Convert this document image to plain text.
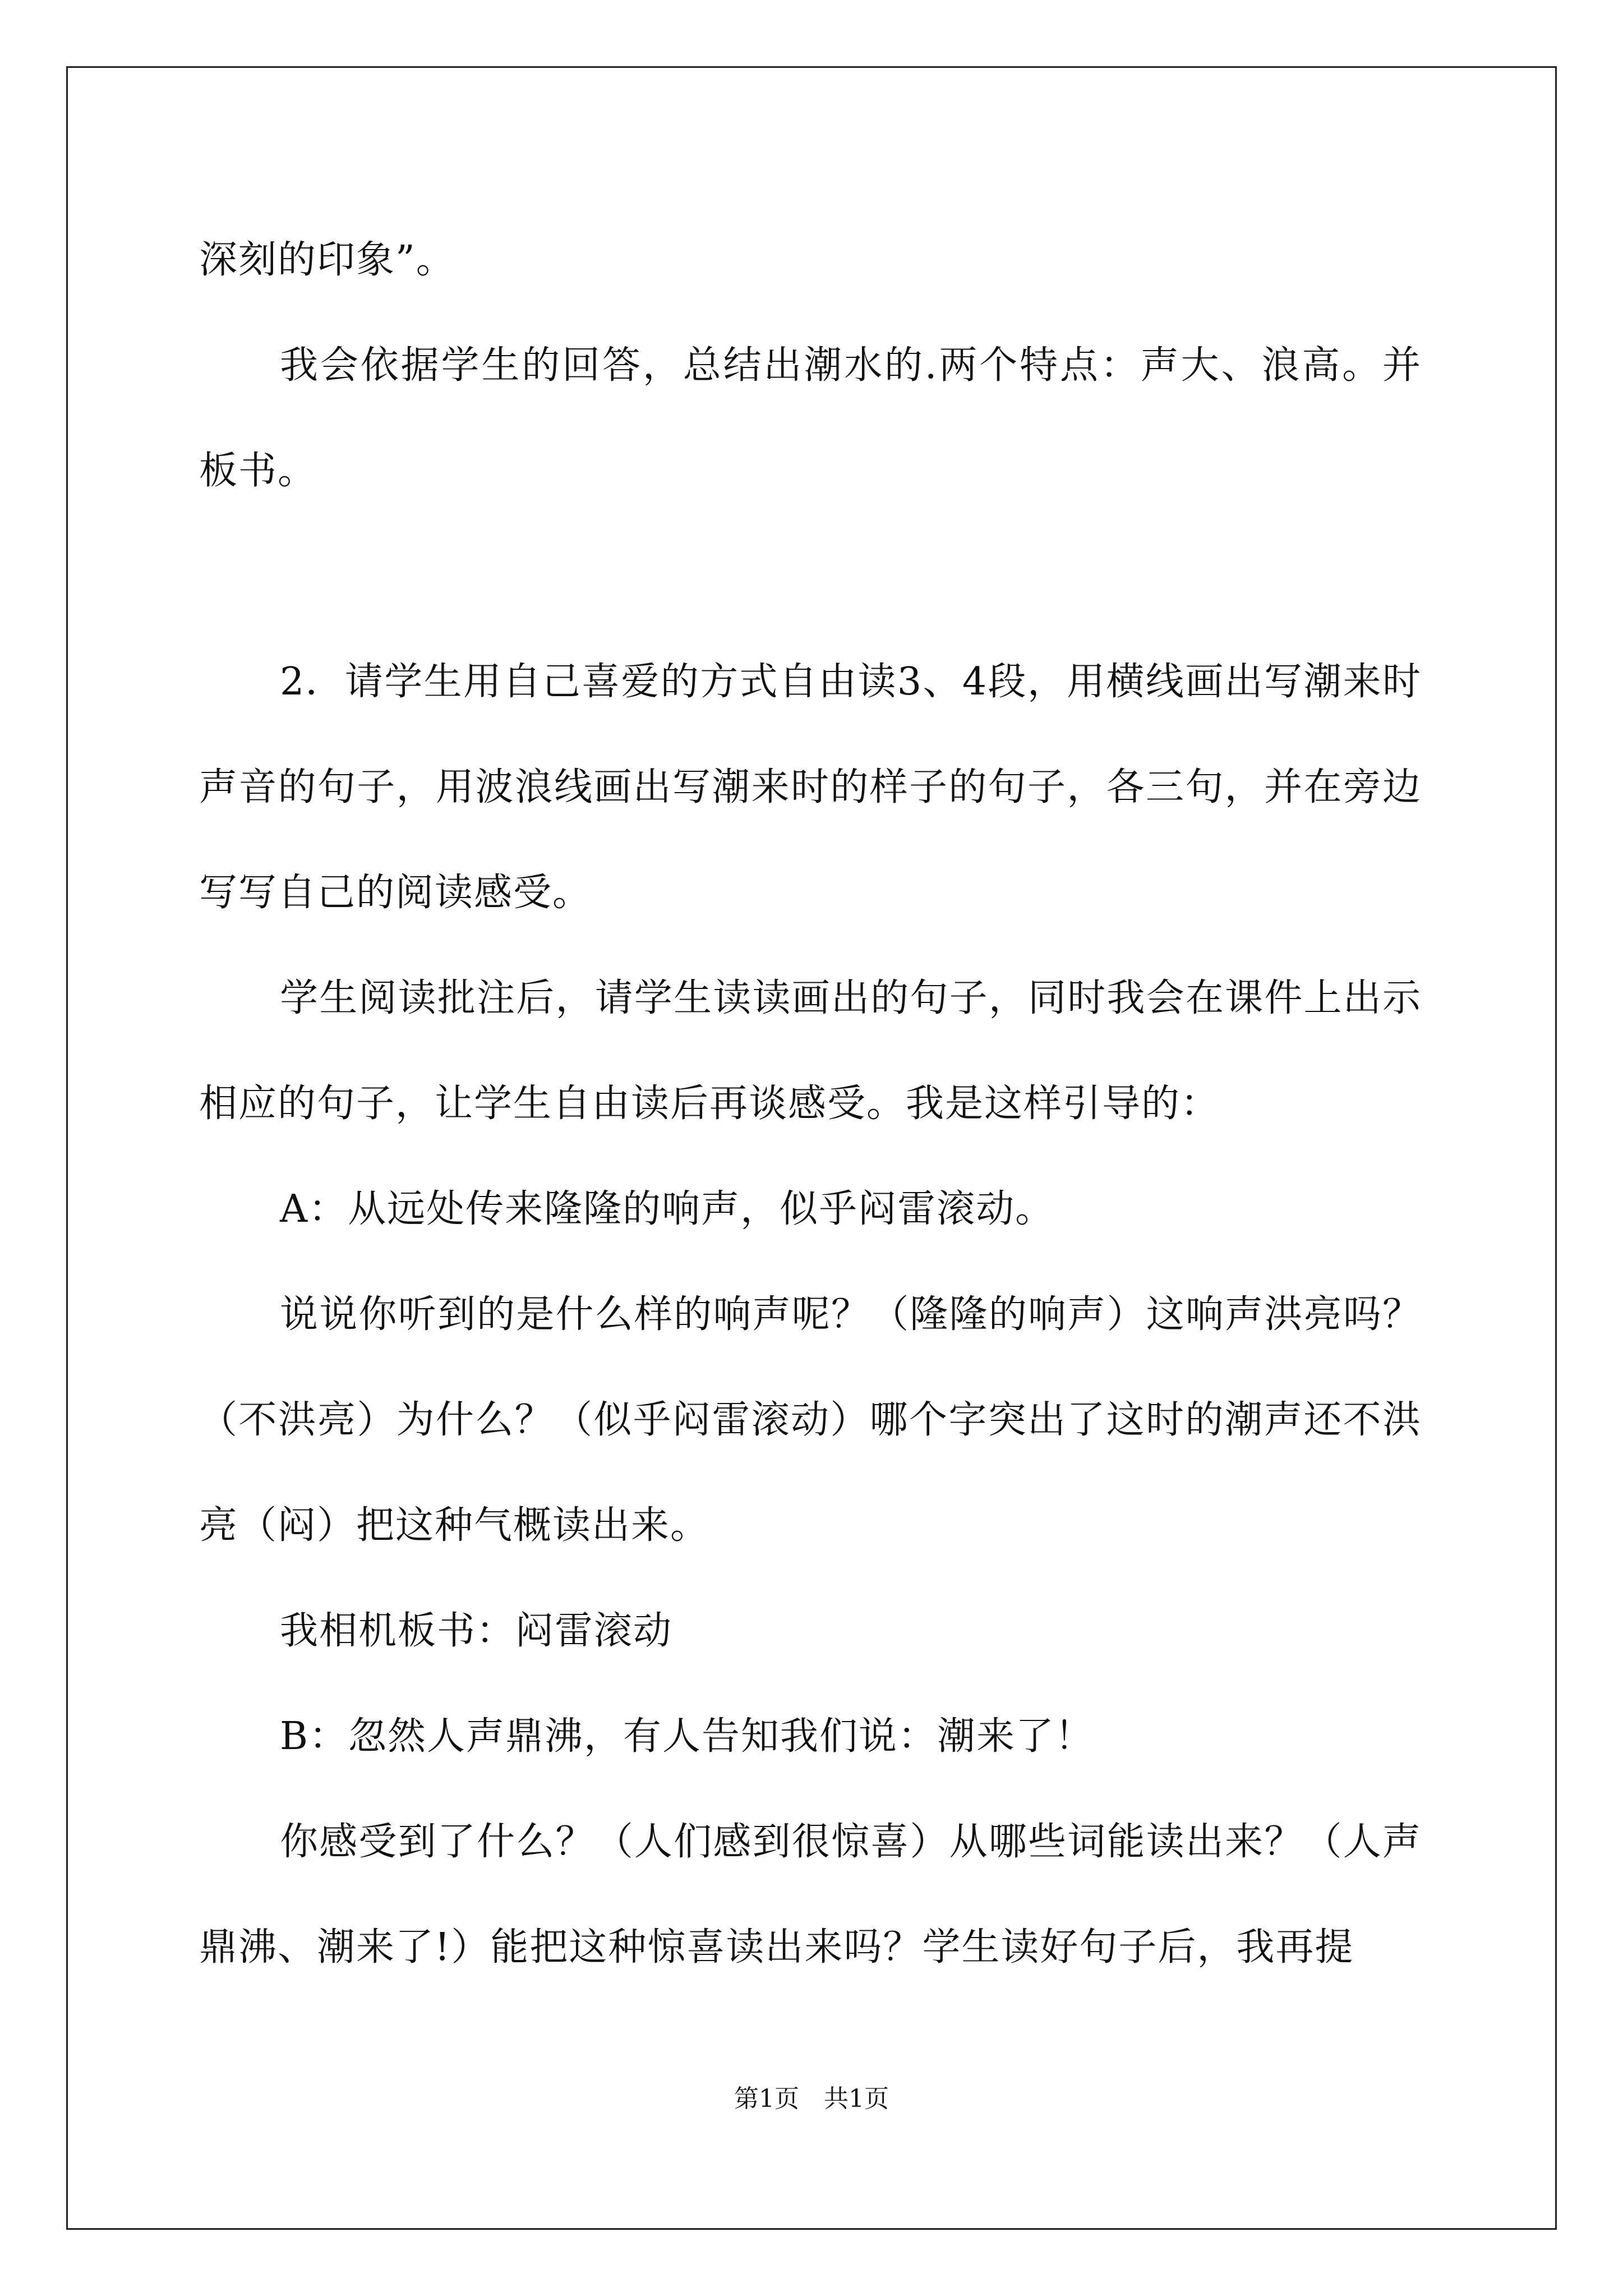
深刻的印象”。

我会依据学生的回答，总结出潮水的.两个特点：声大、浪高。并板书。

2．请学生用自己喜爱的方式自由读3、4段，用横线画出写潮来时声音的句子，用波浪线画出写潮来时的样子的句子，各三句，并在旁边写写自己的阅读感受。

学生阅读批注后，请学生读读画出的句子，同时我会在课件上出示相应的句子，让学生自由读后再谈感受。我是这样引导的：

A：从远处传来隆隆的响声，似乎闷雷滚动。

说说你听到的是什么样的响声呢？（隆隆的响声）这响声洪亮吗？（不洪亮）为什么？（似乎闷雷滚动）哪个字突出了这时的潮声还不洪亮（闷）把这种气概读出来。

我相机板书：闷雷滚动

B：忽然人声鼎沸，有人告知我们说：潮来了！

你感受到了什么？（人们感到很惊喜）从哪些词能读出来？（人声鼎沸、潮来了!）能把这种惊喜读出来吗？学生读好句子后，我再提

第1页　共1页
